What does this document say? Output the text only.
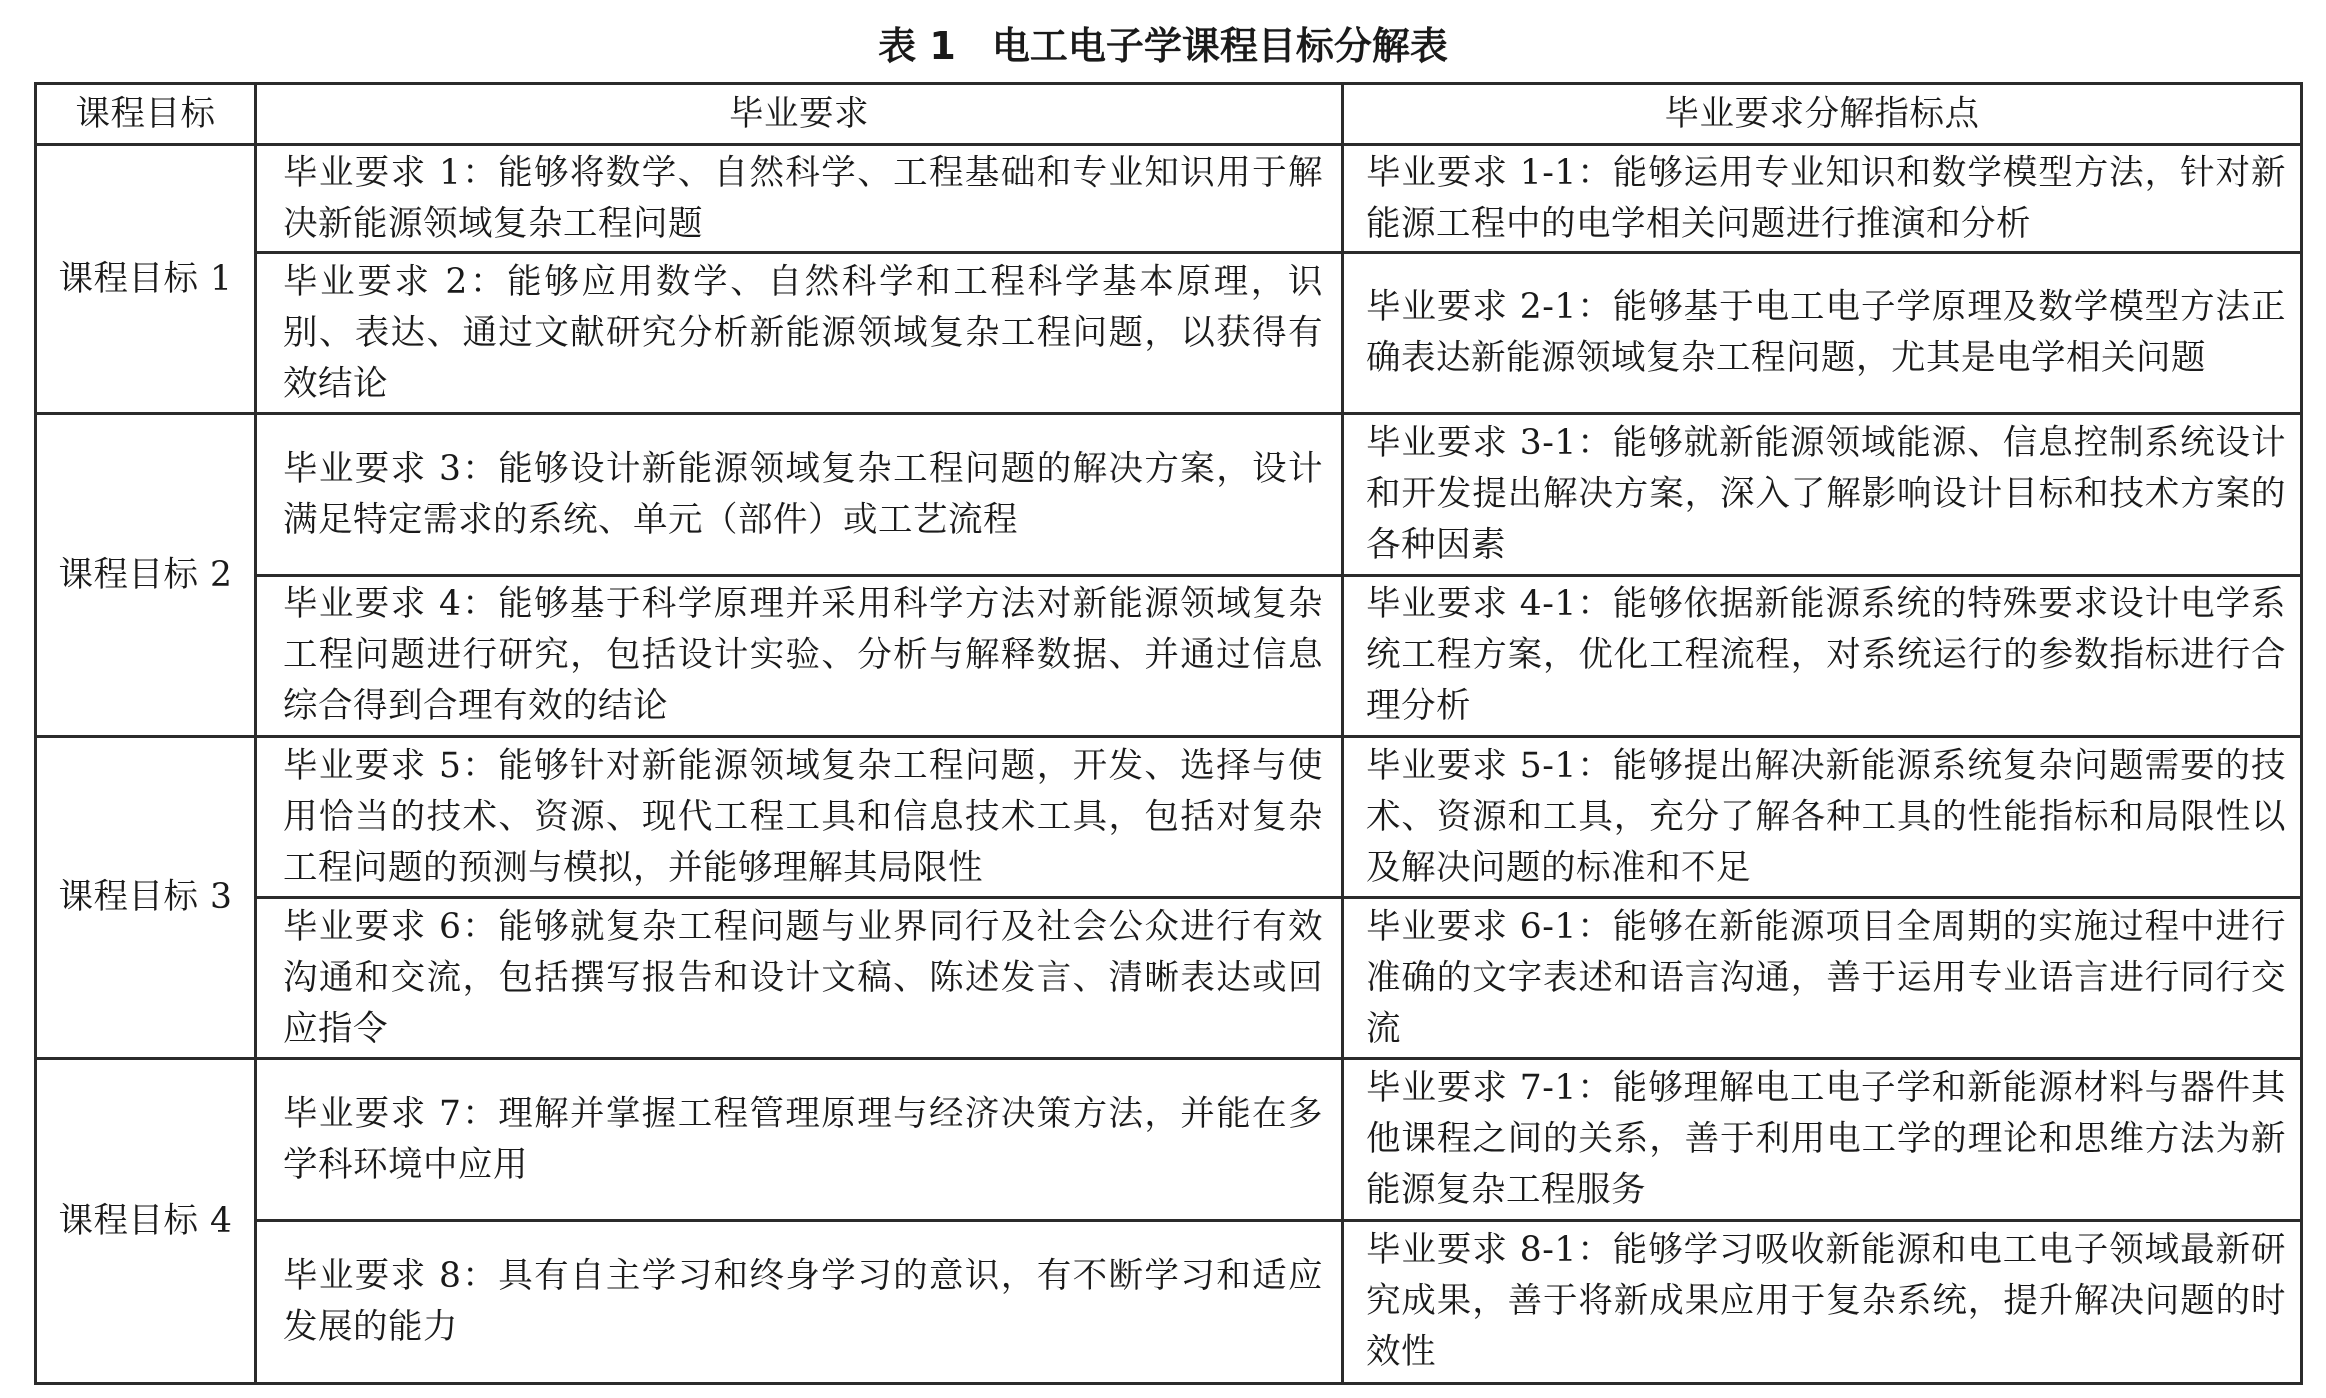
表 1 电工电子学课程目标分解表
课程目标	毕业要求	毕业要求分解指标点
课程目标 1	毕业要求 1：能够将数学、自然科学、工程基础和专业知识用于解决新能源领域复杂工程问题	毕业要求 1-1：能够运用专业知识和数学模型方法，针对新能源工程中的电学相关问题进行推演和分析
	毕业要求 2：能够应用数学、自然科学和工程科学基本原理，识别、表达、通过文献研究分析新能源领域复杂工程问题，以获得有效结论	毕业要求 2-1：能够基于电工电子学原理及数学模型方法正确表达新能源领域复杂工程问题，尤其是电学相关问题
课程目标 2	毕业要求 3：能够设计新能源领域复杂工程问题的解决方案，设计满足特定需求的系统、单元（部件）或工艺流程	毕业要求 3-1：能够就新能源领域能源、信息控制系统设计和开发提出解决方案，深入了解影响设计目标和技术方案的各种因素
	毕业要求 4：能够基于科学原理并采用科学方法对新能源领域复杂工程问题进行研究，包括设计实验、分析与解释数据、并通过信息综合得到合理有效的结论	毕业要求 4-1：能够依据新能源系统的特殊要求设计电学系统工程方案，优化工程流程，对系统运行的参数指标进行合理分析
课程目标 3	毕业要求 5：能够针对新能源领域复杂工程问题，开发、选择与使用恰当的技术、资源、现代工程工具和信息技术工具，包括对复杂工程问题的预测与模拟，并能够理解其局限性	毕业要求 5-1：能够提出解决新能源系统复杂问题需要的技术、资源和工具，充分了解各种工具的性能指标和局限性以及解决问题的标准和不足
	毕业要求 6：能够就复杂工程问题与业界同行及社会公众进行有效沟通和交流，包括撰写报告和设计文稿、陈述发言、清晰表达或回应指令	毕业要求 6-1：能够在新能源项目全周期的实施过程中进行准确的文字表述和语言沟通，善于运用专业语言进行同行交流
课程目标 4	毕业要求 7：理解并掌握工程管理原理与经济决策方法，并能在多学科环境中应用	毕业要求 7-1：能够理解电工电子学和新能源材料与器件其他课程之间的关系，善于利用电工学的理论和思维方法为新能源复杂工程服务
	毕业要求 8：具有自主学习和终身学习的意识，有不断学习和适应发展的能力	毕业要求 8-1：能够学习吸收新能源和电工电子领域最新研究成果，善于将新成果应用于复杂系统，提升解决问题的时效性
